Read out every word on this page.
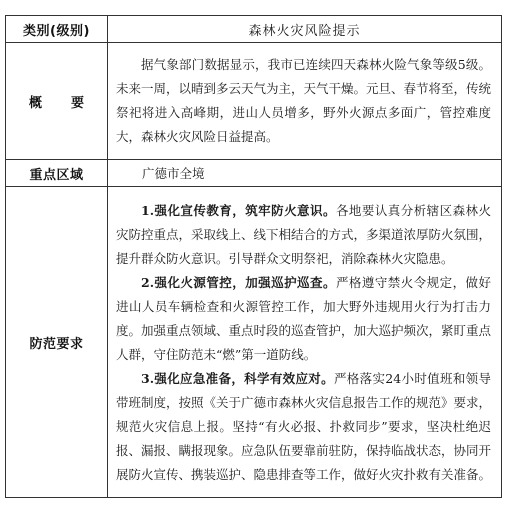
类别(级别)	森林火灾风险提示
概　要	据气象部门数据显示，我市已连续四天森林火险气象等级5级。未来一周，以晴到多云天气为主，天气干燥。元旦、春节将至，传统祭祀将进入高峰期，进山人员增多，野外火源点多面广，管控难度大，森林火灾风险日益提高。

重点区域	广德市全境

防范要求	1.强化宣传教育，筑牢防火意识。各地要认真分析辖区森林火灾防控重点，采取线上、线下相结合的方式，多渠道浓厚防火氛围，提升群众防火意识。引导群众文明祭祀，消除森林火灾隐患。

2.强化火源管控，加强巡护巡查。严格遵守禁火令规定，做好进山人员车辆检查和火源管控工作，加大野外违规用火行为打击力度。加强重点领域、重点时段的巡查管护，加大巡护频次，紧盯重点人群，守住防范未“燃”第一道防线。

3.强化应急准备，科学有效应对。严格落实24小时值班和领导带班制度，按照《关于广德市森林火灾信息报告工作的规范》要求，规范火灾信息上报。坚持“有火必报、扑救同步”要求，坚决杜绝迟报、漏报、瞒报现象。应急队伍要靠前驻防，保持临战状态，协同开展防火宣传、携装巡护、隐患排查等工作，做好火灾扑救有关准备。
